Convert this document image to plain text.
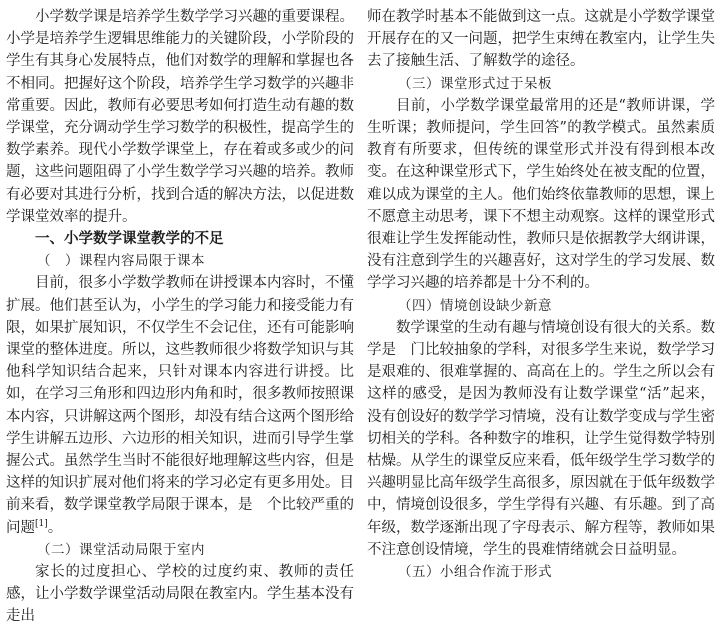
　　小学数学课是培养学生数学学习兴趣的重要课程。小学是培养学生逻辑思维能力的关键阶段，小学阶段的学生有其身心发展特点，他们对数学的理解和掌握也各不相同。把握好这个阶段，培养学生学习数学的兴趣非常重要。因此，教师有必要思考如何打造生动有趣的数学课堂，充分调动学生学习数学的积极性，提高学生的数学素养。现代小学数学课堂上，存在着或多或少的问题，这些问题阻碍了小学生数学学习兴趣的培养。教师有必要对其进行分析，找到合适的解决方法，以促进数学课堂效率的提升。

一、小学数学课堂教学的不足
（　）课程内容局限于课本

目前，很多小学数学教师在讲授课本内容时，不懂扩展。他们甚至认为，小学生的学习能力和接受能力有限，如果扩展知识，不仅学生不会记住，还有可能影响课堂的整体进度。所以，这些教师很少将数学知识与其他科学知识结合起来，只针对课本内容进行讲授。比如，在学习三角形和四边形内角和时，很多教师按照课本内容，只讲解这两个图形，却没有结合这两个图形给学生讲解五边形、六边形的相关知识，进而引导学生掌握公式。虽然学生当时不能很好地理解这些内容，但是这样的知识扩展对他们将来的学习必定有更多用处。目前来看，数学课堂教学局限于课本，是　个比较严重的问题[1]。

（二）课堂活动局限于室内

家长的过度担心、学校的过度约束、教师的责任感，让小学数学课堂活动局限在教室内。学生基本没有走出

师在教学时基本不能做到这一点。这就是小学数学课堂开展存在的又一问题，把学生束缚在教室内，让学生失去了接触生活、了解数学的途径。

（三）课堂形式过于呆板

目前，小学数学课堂最常用的还是“教师讲课，学生听课；教师提问，学生回答”的教学模式。虽然素质教育有所要求，但传统的课堂形式并没有得到根本改变。在这种课堂形式下，学生始终处在被支配的位置，难以成为课堂的主人。他们始终依靠教师的思想，课上不愿意主动思考，课下不想主动观察。这样的课堂形式很难让学生发挥能动性，教师只是依据教学大纲讲课，没有注意到学生的兴趣喜好，这对学生的学习发展、数学学习兴趣的培养都是十分不利的。

（四）情境创设缺少新意

数学课堂的生动有趣与情境创设有很大的关系。数学是　门比较抽象的学科，对很多学生来说，数学学习是艰难的、很难掌握的、高高在上的。学生之所以会有这样的感受，是因为教师没有让数学课堂“活”起来，没有创设好的数学学习情境，没有让数学变成与学生密切相关的学科。各种数字的堆积，让学生觉得数学特别枯燥。从学生的课堂反应来看，低年级学生学习数学的兴趣明显比高年级学生高很多，原因就在于低年级数学中，情境创设很多，学生学得有兴趣、有乐趣。到了高年级，数学逐渐出现了字母表示、解方程等，教师如果不注意创设情境，学生的畏难情绪就会日益明显。

（五）小组合作流于形式
